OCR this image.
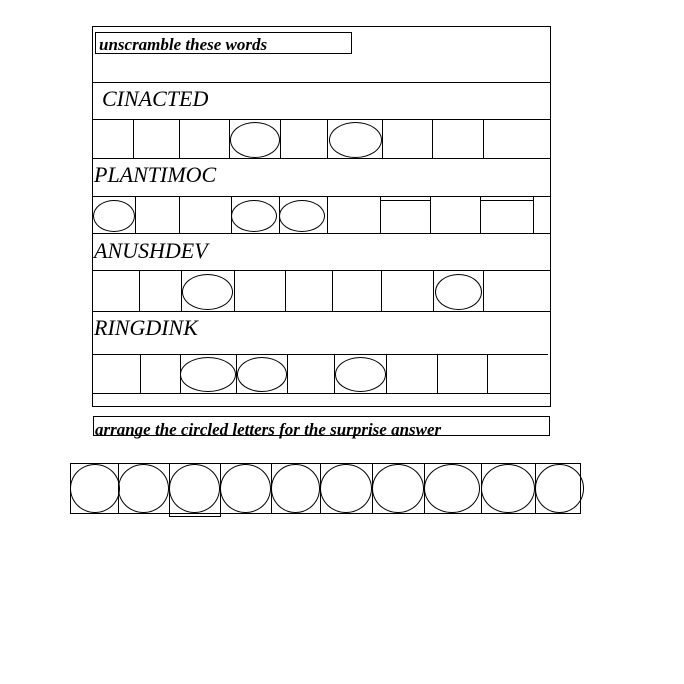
unscramble these words
CINACTED
PLANTIMOC
ANUSHDEV
RINGDINK
arrange the circled letters for the surprise answer
